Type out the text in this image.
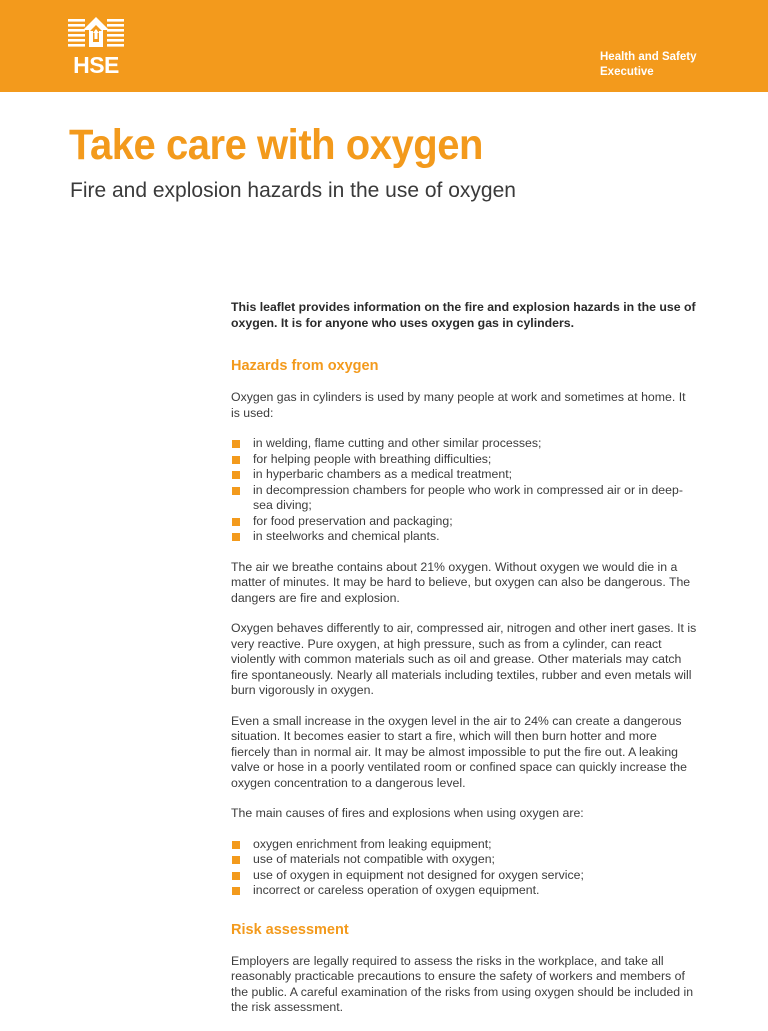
HSE	Health and Safety
Executive
Take care with oxygen
Fire and explosion hazards in the use of oxygen

This leaflet provides information on the fire and explosion hazards in the use of oxygen. It is for anyone who uses oxygen gas in cylinders.

Hazards from oxygen

Oxygen gas in cylinders is used by many people at work and sometimes at home. It is used:

in welding, flame cutting and other similar processes;
for helping people with breathing difficulties;
in hyperbaric chambers as a medical treatment;
in decompression chambers for people who work in compressed air or in deep-sea diving;
for food preservation and packaging;
in steelworks and chemical plants.

The air we breathe contains about 21% oxygen. Without oxygen we would die in a matter of minutes. It may be hard to believe, but oxygen can also be dangerous. The dangers are fire and explosion.

Oxygen behaves differently to air, compressed air, nitrogen and other inert gases. It is very reactive. Pure oxygen, at high pressure, such as from a cylinder, can react violently with common materials such as oil and grease. Other materials may catch fire spontaneously. Nearly all materials including textiles, rubber and even metals will burn vigorously in oxygen.

Even a small increase in the oxygen level in the air to 24% can create a dangerous situation. It becomes easier to start a fire, which will then burn hotter and more fiercely than in normal air. It may be almost impossible to put the fire out. A leaking valve or hose in a poorly ventilated room or confined space can quickly increase the oxygen concentration to a dangerous level.

The main causes of fires and explosions when using oxygen are:

oxygen enrichment from leaking equipment;
use of materials not compatible with oxygen;
use of oxygen in equipment not designed for oxygen service;
incorrect or careless operation of oxygen equipment.
Risk assessment

Employers are legally required to assess the risks in the workplace, and take all reasonably practicable precautions to ensure the safety of workers and members of the public. A careful examination of the risks from using oxygen should be included in the risk assessment.
